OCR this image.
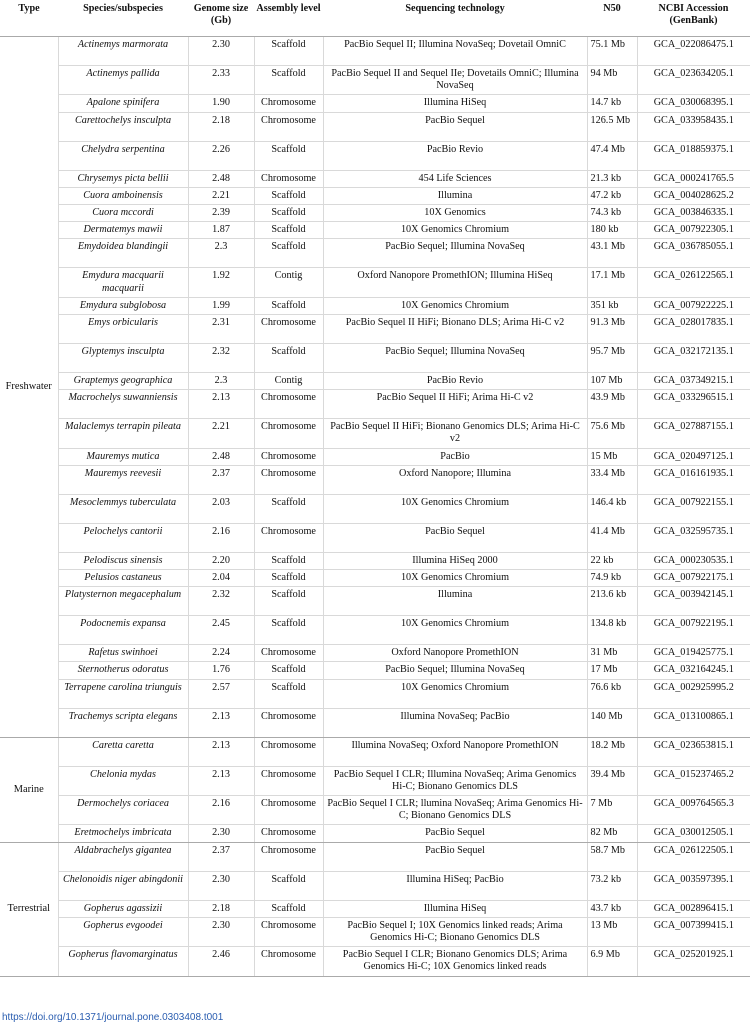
Type	Species/subspecies	Genome size (Gb)	Assembly level	Sequencing technology	N50	NCBI Accession (GenBank)
Freshwater	Actinemys marmorata	2.30	Scaffold	PacBio Sequel II; Illumina NovaSeq; Dovetail OmniC	75.1 Mb	GCA_022086475.1
	Actinemys pallida	2.33	Scaffold	PacBio Sequel II and Sequel IIe; Dovetails OmniC; Illumina NovaSeq	94 Mb	GCA_023634205.1
	Apalone spinifera	1.90	Chromosome	Illumina HiSeq	14.7 kb	GCA_030068395.1
	Carettochelys insculpta	2.18	Chromosome	PacBio Sequel	126.5 Mb	GCA_033958435.1
	Chelydra serpentina	2.26	Scaffold	PacBio Revio	47.4 Mb	GCA_018859375.1
	Chrysemys picta bellii	2.48	Chromosome	454 Life Sciences	21.3 kb	GCA_000241765.5
	Cuora amboinensis	2.21	Scaffold	Illumina	47.2 kb	GCA_004028625.2
	Cuora mccordi	2.39	Scaffold	10X Genomics	74.3 kb	GCA_003846335.1
	Dermatemys mawii	1.87	Scaffold	10X Genomics Chromium	180 kb	GCA_007922305.1
	Emydoidea blandingii	2.3	Scaffold	PacBio Sequel; Illumina NovaSeq	43.1 Mb	GCA_036785055.1
	Emydura macquarii macquarii	1.92	Contig	Oxford Nanopore PromethION; Illumina HiSeq	17.1 Mb	GCA_026122565.1
	Emydura subglobosa	1.99	Scaffold	10X Genomics Chromium	351 kb	GCA_007922225.1
	Emys orbicularis	2.31	Chromosome	PacBio Sequel II HiFi; Bionano DLS; Arima Hi-C v2	91.3 Mb	GCA_028017835.1
	Glyptemys insculpta	2.32	Scaffold	PacBio Sequel; Illumina NovaSeq	95.7 Mb	GCA_032172135.1
	Graptemys geographica	2.3	Contig	PacBio Revio	107 Mb	GCA_037349215.1
	Macrochelys suwanniensis	2.13	Chromosome	PacBio Sequel II HiFi; Arima Hi-C v2	43.9 Mb	GCA_033296515.1
	Malaclemys terrapin pileata	2.21	Chromosome	PacBio Sequel II HiFi; Bionano Genomics DLS; Arima Hi-C v2	75.6 Mb	GCA_027887155.1
	Mauremys mutica	2.48	Chromosome	PacBio	15 Mb	GCA_020497125.1
	Mauremys reevesii	2.37	Chromosome	Oxford Nanopore; Illumina	33.4 Mb	GCA_016161935.1
	Mesoclemmys tuberculata	2.03	Scaffold	10X Genomics Chromium	146.4 kb	GCA_007922155.1
	Pelochelys cantorii	2.16	Chromosome	PacBio Sequel	41.4 Mb	GCA_032595735.1
	Pelodiscus sinensis	2.20	Scaffold	Illumina HiSeq 2000	22 kb	GCA_000230535.1
	Pelusios castaneus	2.04	Scaffold	10X Genomics Chromium	74.9 kb	GCA_007922175.1
	Platysternon megacephalum	2.32	Scaffold	Illumina	213.6 kb	GCA_003942145.1
	Podocnemis expansa	2.45	Scaffold	10X Genomics Chromium	134.8 kb	GCA_007922195.1
	Rafetus swinhoei	2.24	Chromosome	Oxford Nanopore PromethION	31 Mb	GCA_019425775.1
	Sternotherus odoratus	1.76	Scaffold	PacBio Sequel; Illumina NovaSeq	17 Mb	GCA_032164245.1
	Terrapene carolina triunguis	2.57	Scaffold	10X Genomics Chromium	76.6 kb	GCA_002925995.2
	Trachemys scripta elegans	2.13	Chromosome	Illumina NovaSeq; PacBio	140 Mb	GCA_013100865.1
Marine	Caretta caretta	2.13	Chromosome	Illumina NovaSeq; Oxford Nanopore PromethION	18.2 Mb	GCA_023653815.1
	Chelonia mydas	2.13	Chromosome	PacBio Sequel I CLR; Illumina NovaSeq; Arima Genomics Hi-C; Bionano Genomics DLS	39.4 Mb	GCA_015237465.2
	Dermochelys coriacea	2.16	Chromosome	PacBio Sequel I CLR; llumina NovaSeq; Arima Genomics Hi-C; Bionano Genomics DLS	7 Mb	GCA_009764565.3
	Eretmochelys imbricata	2.30	Chromosome	PacBio Sequel	82 Mb	GCA_030012505.1
Terrestrial	Aldabrachelys gigantea	2.37	Chromosome	PacBio Sequel	58.7 Mb	GCA_026122505.1
	Chelonoidis niger abingdonii	2.30	Scaffold	Illumina HiSeq; PacBio	73.2 kb	GCA_003597395.1
	Gopherus agassizii	2.18	Scaffold	Illumina HiSeq	43.7 kb	GCA_002896415.1
	Gopherus evgoodei	2.30	Chromosome	PacBio Sequel I; 10X Genomics linked reads; Arima Genomics Hi-C; Bionano Genomics DLS	13 Mb	GCA_007399415.1
	Gopherus flavomarginatus	2.46	Chromosome	PacBio Sequel I CLR; Bionano Genomics DLS; Arima Genomics Hi-C; 10X Genomics linked reads	6.9 Mb	GCA_025201925.1
https://doi.org/10.1371/journal.pone.0303408.t001
